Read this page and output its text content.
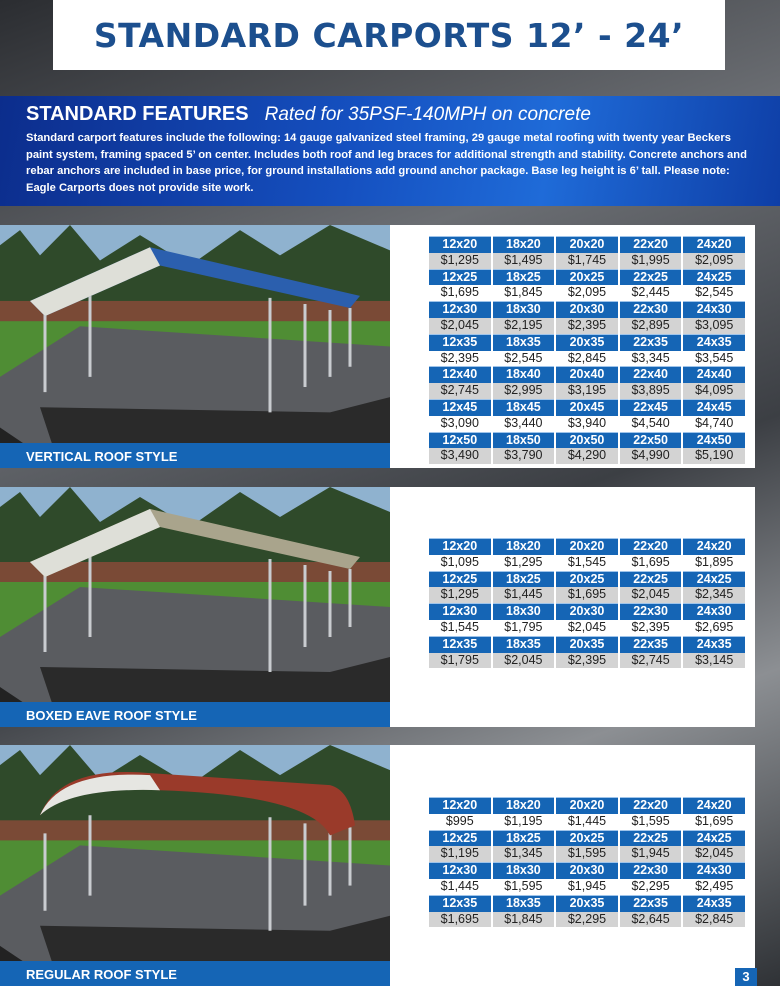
STANDARD CARPORTS 12’ - 24’
STANDARD FEATURES Rated for 35PSF-140MPH on concrete

Standard carport features include the following: 14 gauge galvanized steel framing, 29 gauge metal roofing with twenty year Beckers paint system, framing spaced 5’ on center. Includes both roof and leg braces for additional strength and stability. Concrete anchors and rebar anchors are included in base price, for ground installations add ground anchor package. Base leg height is 6’ tall. Please note: Eagle Carports does not provide site work.

VERTICAL ROOF STYLE
12x20	18x20	20x20	22x20	24x20
$1,295	$1,495	$1,745	$1,995	$2,095
12x25	18x25	20x25	22x25	24x25
$1,695	$1,845	$2,095	$2,445	$2,545
12x30	18x30	20x30	22x30	24x30
$2,045	$2,195	$2,395	$2,895	$3,095
12x35	18x35	20x35	22x35	24x35
$2,395	$2,545	$2,845	$3,345	$3,545
12x40	18x40	20x40	22x40	24x40
$2,745	$2,995	$3,195	$3,895	$4,095
12x45	18x45	20x45	22x45	24x45
$3,090	$3,440	$3,940	$4,540	$4,740
12x50	18x50	20x50	22x50	24x50
$3,490	$3,790	$4,290	$4,990	$5,190
BOXED EAVE ROOF STYLE
12x20	18x20	20x20	22x20	24x20
$1,095	$1,295	$1,545	$1,695	$1,895
12x25	18x25	20x25	22x25	24x25
$1,295	$1,445	$1,695	$2,045	$2,345
12x30	18x30	20x30	22x30	24x30
$1,545	$1,795	$2,045	$2,395	$2,695
12x35	18x35	20x35	22x35	24x35
$1,795	$2,045	$2,395	$2,745	$3,145
REGULAR ROOF STYLE
12x20	18x20	20x20	22x20	24x20
$995	$1,195	$1,445	$1,595	$1,695
12x25	18x25	20x25	22x25	24x25
$1,195	$1,345	$1,595	$1,945	$2,045
12x30	18x30	20x30	22x30	24x30
$1,445	$1,595	$1,945	$2,295	$2,495
12x35	18x35	20x35	22x35	24x35
$1,695	$1,845	$2,295	$2,645	$2,845
3
